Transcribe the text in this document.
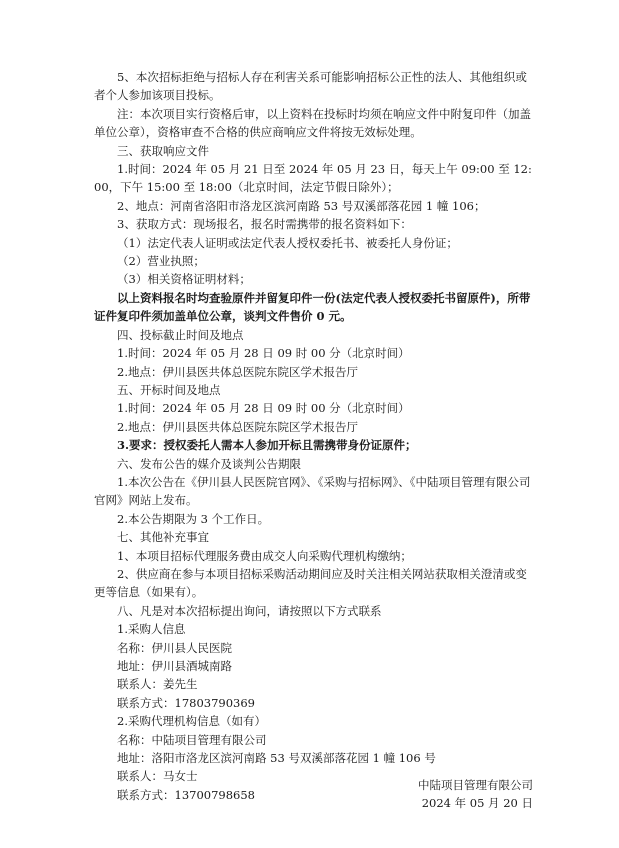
5、本次招标拒绝与招标人存在利害关系可能影响招标公正性的法人、其他组织或者个人参加该项目投标。

注：本次项目实行资格后审，以上资料在投标时均须在响应文件中附复印件（加盖单位公章），资格审查不合格的供应商响应文件将按无效标处理。

三、获取响应文件

1.时间：2024 年 05 月 21 日至 2024 年 05 月 23 日，每天上午 09:00 至 12:00，下午 15:00 至 18:00（北京时间，法定节假日除外）；

2、地点：河南省洛阳市洛龙区滨河南路 53 号双溪部落花园 1 幢 106；

3、获取方式：现场报名，报名时需携带的报名资料如下：

（1）法定代表人证明或法定代表人授权委托书、被委托人身份证；

（2）营业执照；

（3）相关资格证明材料；

以上资料报名时均查验原件并留复印件一份(法定代表人授权委托书留原件)，所带证件复印件须加盖单位公章，谈判文件售价 0 元。

四、投标截止时间及地点

1.时间：2024 年 05 月 28 日 09 时 00 分（北京时间）

2.地点：伊川县医共体总医院东院区学术报告厅

五、开标时间及地点

1.时间：2024 年 05 月 28 日 09 时 00 分（北京时间）

2.地点：伊川县医共体总医院东院区学术报告厅

3.要求：授权委托人需本人参加开标且需携带身份证原件；

六、发布公告的媒介及谈判公告期限

1.本次公告在《伊川县人民医院官网》、《采购与招标网》、《中陆项目管理有限公司官网》网站上发布。

2.本公告期限为 3 个工作日。

七、其他补充事宜

1、本项目招标代理服务费由成交人向采购代理机构缴纳；

2、供应商在参与本项目招标采购活动期间应及时关注相关网站获取相关澄清或变更等信息（如果有）。

八、凡是对本次招标提出询问，请按照以下方式联系

1.采购人信息

名称：伊川县人民医院

地址：伊川县酒城南路

联系人：姜先生

联系方式：17803790369

2.采购代理机构信息（如有）

名称：中陆项目管理有限公司

地址：洛阳市洛龙区滨河南路 53 号双溪部落花园 1 幢 106 号

联系人：马女士

联系方式：13700798658

中陆项目管理有限公司
2024 年 05 月 20 日
